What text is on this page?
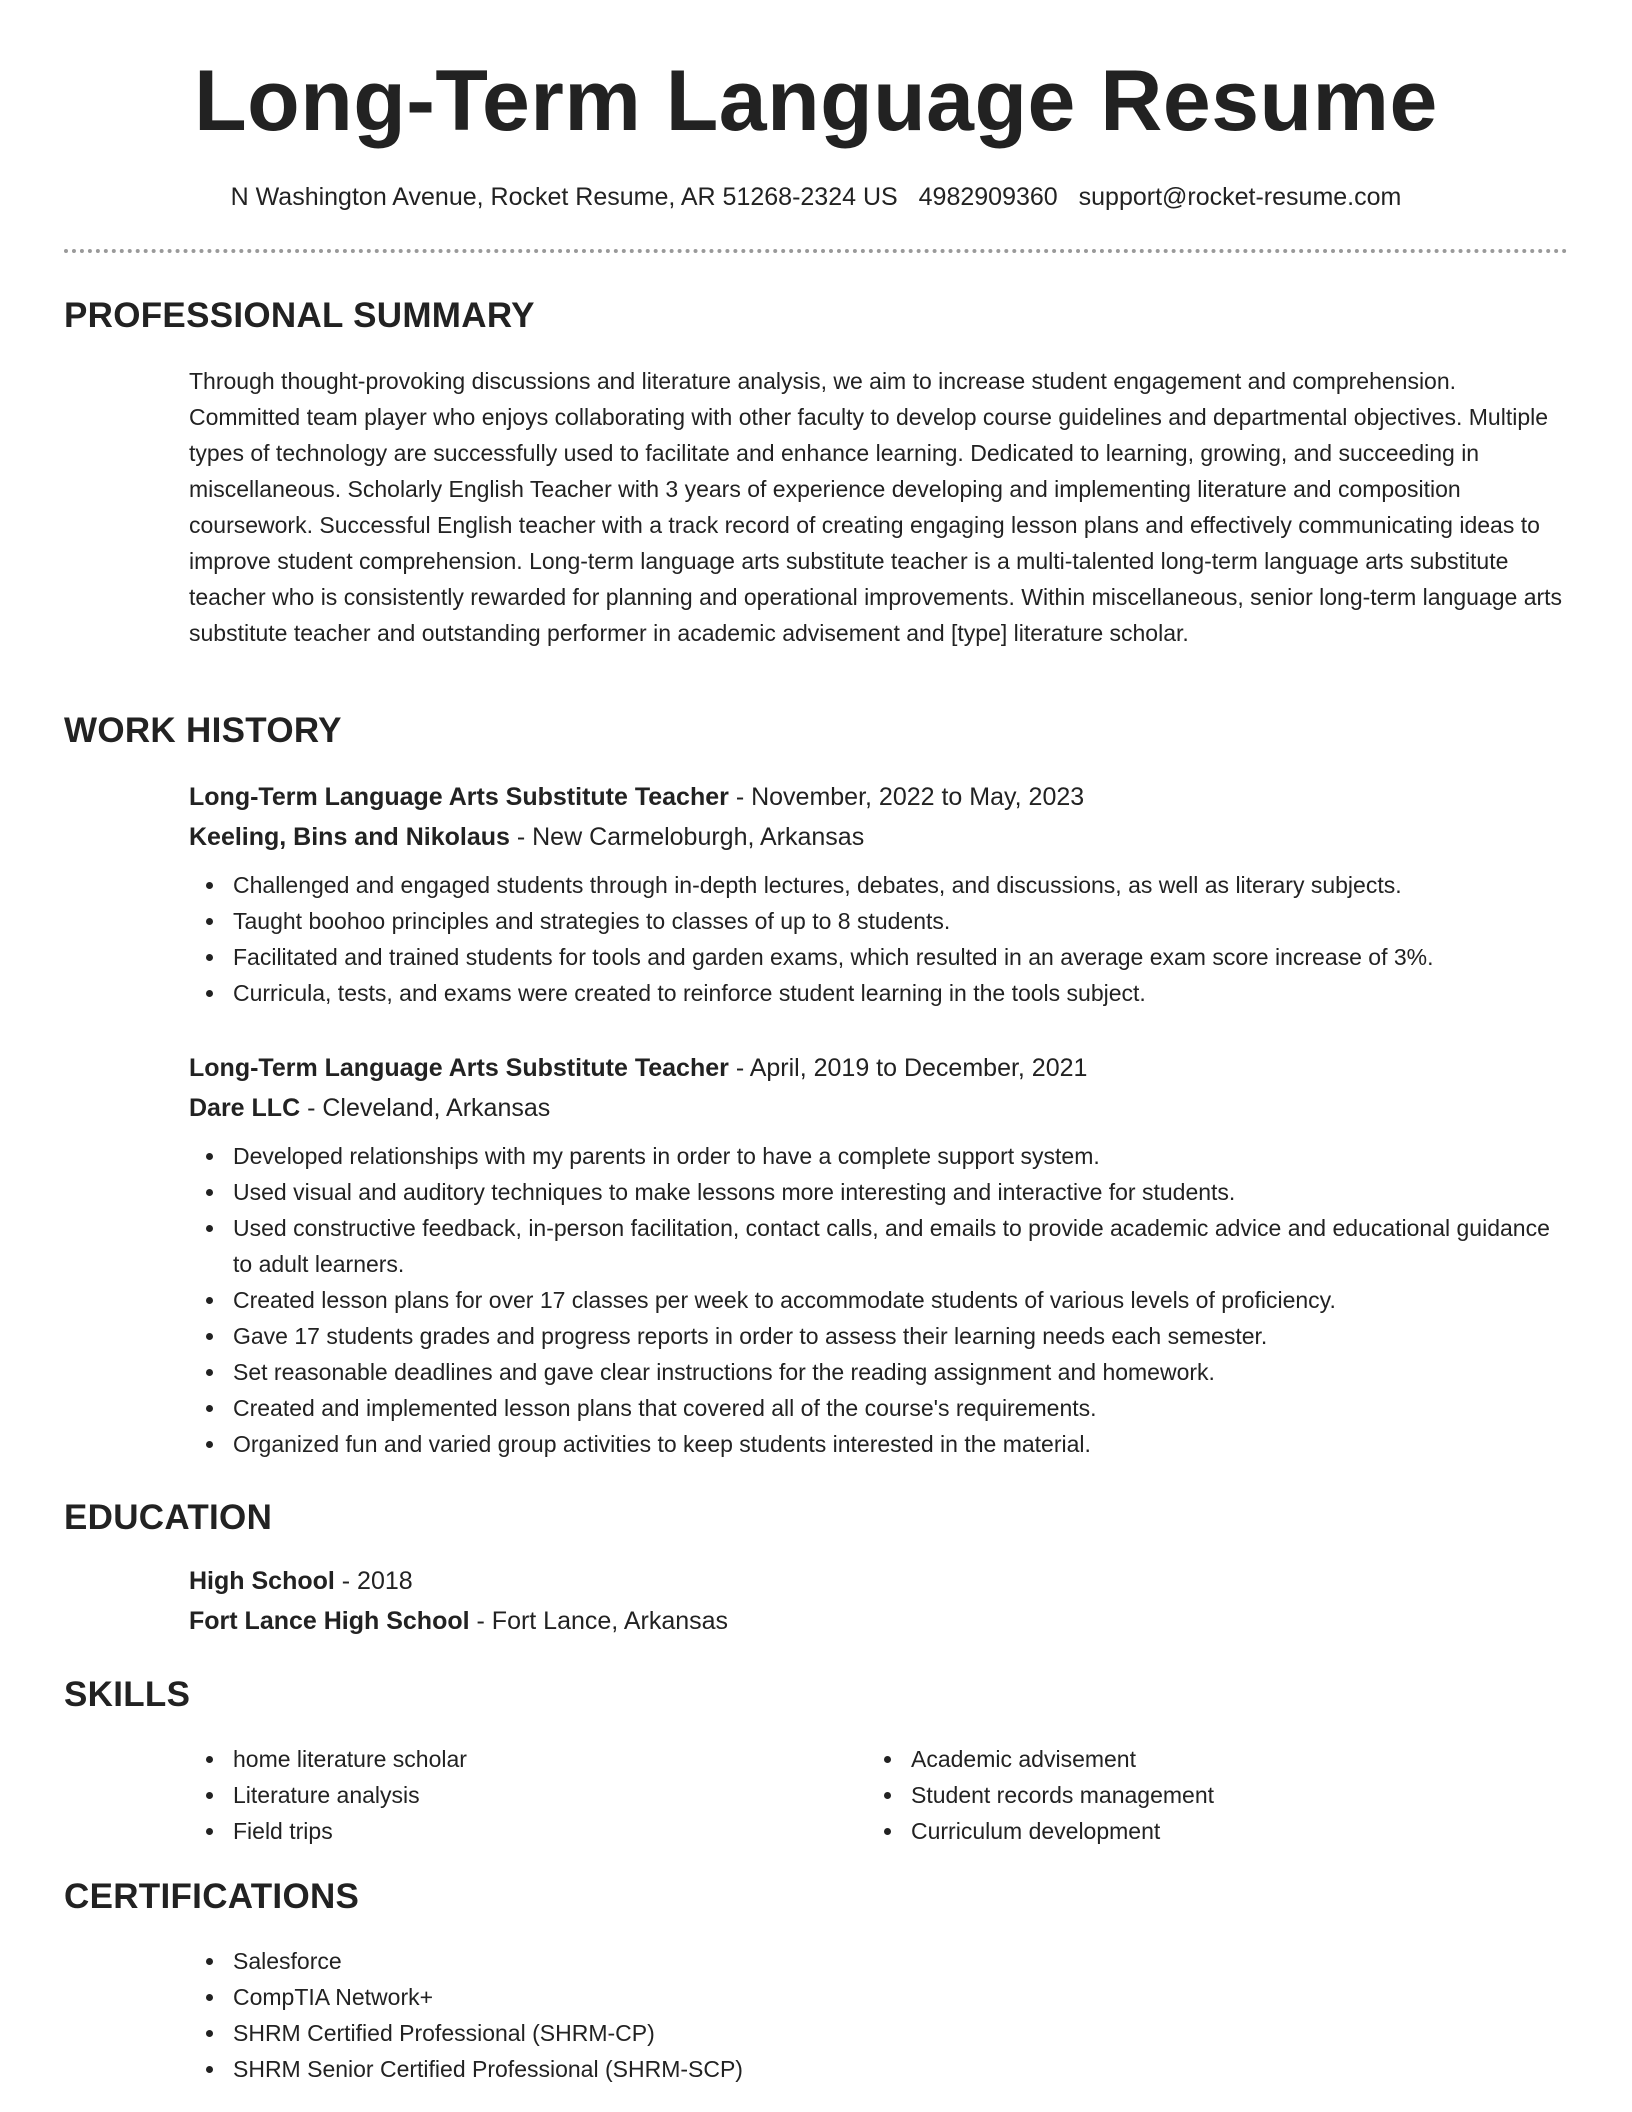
Long-Term Language Resume
N Washington Avenue, Rocket Resume, AR 51268-2324 US 4982909360 support@rocket-resume.com
PROFESSIONAL SUMMARY

Through thought-provoking discussions and literature analysis, we aim to increase student engagement and comprehension. Committed team player who enjoys collaborating with other faculty to develop course guidelines and departmental objectives. Multiple types of technology are successfully used to facilitate and enhance learning. Dedicated to learning, growing, and succeeding in miscellaneous. Scholarly English Teacher with 3 years of experience developing and implementing literature and composition coursework. Successful English teacher with a track record of creating engaging lesson plans and effectively communicating ideas to improve student comprehension. Long-term language arts substitute teacher is a multi-talented long-term language arts substitute teacher who is consistently rewarded for planning and operational improvements. Within miscellaneous, senior long-term language arts substitute teacher and outstanding performer in academic advisement and [type] literature scholar.

WORK HISTORY

Long-Term Language Arts Substitute Teacher - November, 2022 to May, 2023

Keeling, Bins and Nikolaus - New Carmeloburgh, Arkansas

Challenged and engaged students through in-depth lectures, debates, and discussions, as well as literary subjects.
Taught boohoo principles and strategies to classes of up to 8 students.
Facilitated and trained students for tools and garden exams, which resulted in an average exam score increase of 3%.
Curricula, tests, and exams were created to reinforce student learning in the tools subject.

Long-Term Language Arts Substitute Teacher - April, 2019 to December, 2021

Dare LLC - Cleveland, Arkansas

Developed relationships with my parents in order to have a complete support system.
Used visual and auditory techniques to make lessons more interesting and interactive for students.
Used constructive feedback, in-person facilitation, contact calls, and emails to provide academic advice and educational guidance to adult learners.
Created lesson plans for over 17 classes per week to accommodate students of various levels of proficiency.
Gave 17 students grades and progress reports in order to assess their learning needs each semester.
Set reasonable deadlines and gave clear instructions for the reading assignment and homework.
Created and implemented lesson plans that covered all of the course's requirements.
Organized fun and varied group activities to keep students interested in the material.
EDUCATION

High School - 2018

Fort Lance High School - Fort Lance, Arkansas

SKILLS
home literature scholar
Literature analysis
Field trips
Academic advisement
Student records management
Curriculum development
CERTIFICATIONS
Salesforce
CompTIA Network+
SHRM Certified Professional (SHRM-CP)
SHRM Senior Certified Professional (SHRM-SCP)
